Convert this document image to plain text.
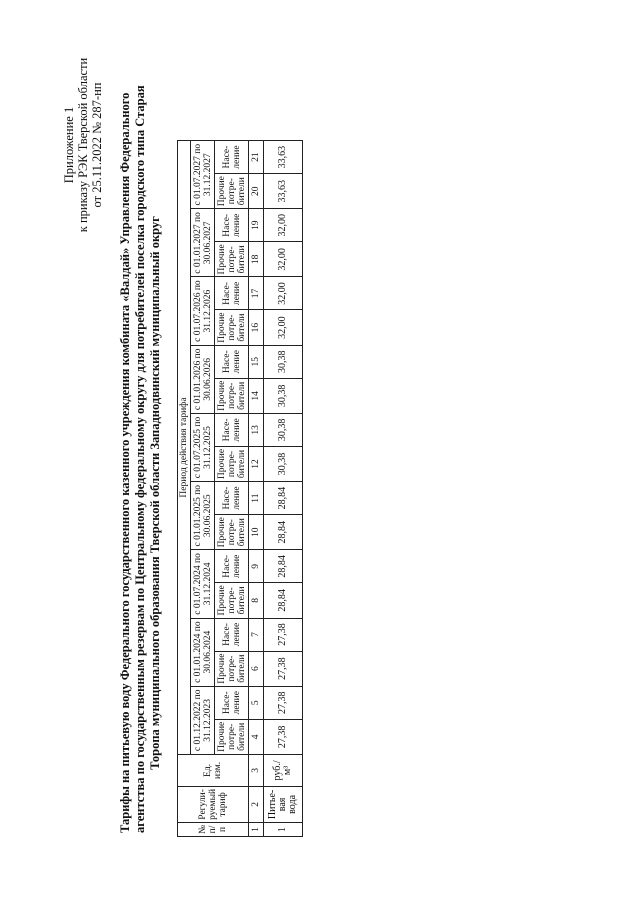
Приложение 1 к приказу РЭК Тверской области от 25.11.2022 № 287-нп Тарифы на питьевую воду Федерального государственного казенного учреждения комбината «Валдай» Управления Федерального агентства по государственным резервам по Центральному федеральному округу для потребителей поселка городского типа Старая Торопа муниципального образования Тверской области Западнодвинский муниципальный округ
№ п/п	Регули-руемый тариф	Ед. изм.	Период действия тарифа																	
			с 01.12.2022 по 31.12.2023		с 01.01.2024 по 30.06.2024		с 01.07.2024 по 31.12.2024		с 01.01.2025 по 30.06.2025		с 01.07.2025 по 31.12.2025		с 01.01.2026 по 30.06.2026		с 01.07.2026 по 31.12.2026		с 01.01.2027 по 30.06.2027		с 01.07.2027 по 31.12.2027	
			Прочие потре-бители	Насе-ление	Прочие потре-бители	Насе-ление	Прочие потре-бители	Насе-ление	Прочие потре-бители	Насе-ление	Прочие потре-бители	Насе-ление	Прочие потре-бители	Насе-ление	Прочие потре-бители	Насе-ление	Прочие потре-бители	Насе-ление	Прочие потре-бители	Насе-ление
1	2	3	4	5	6	7	8	9	10	11	12	13	14	15	16	17	18	19	20	21
1	Питье-вая вода	руб./м³	27,38	27,38	27,38	27,38	28,84	28,84	28,84	28,84	30,38	30,38	30,38	30,38	32,00	32,00	32,00	32,00	33,63	33,63
